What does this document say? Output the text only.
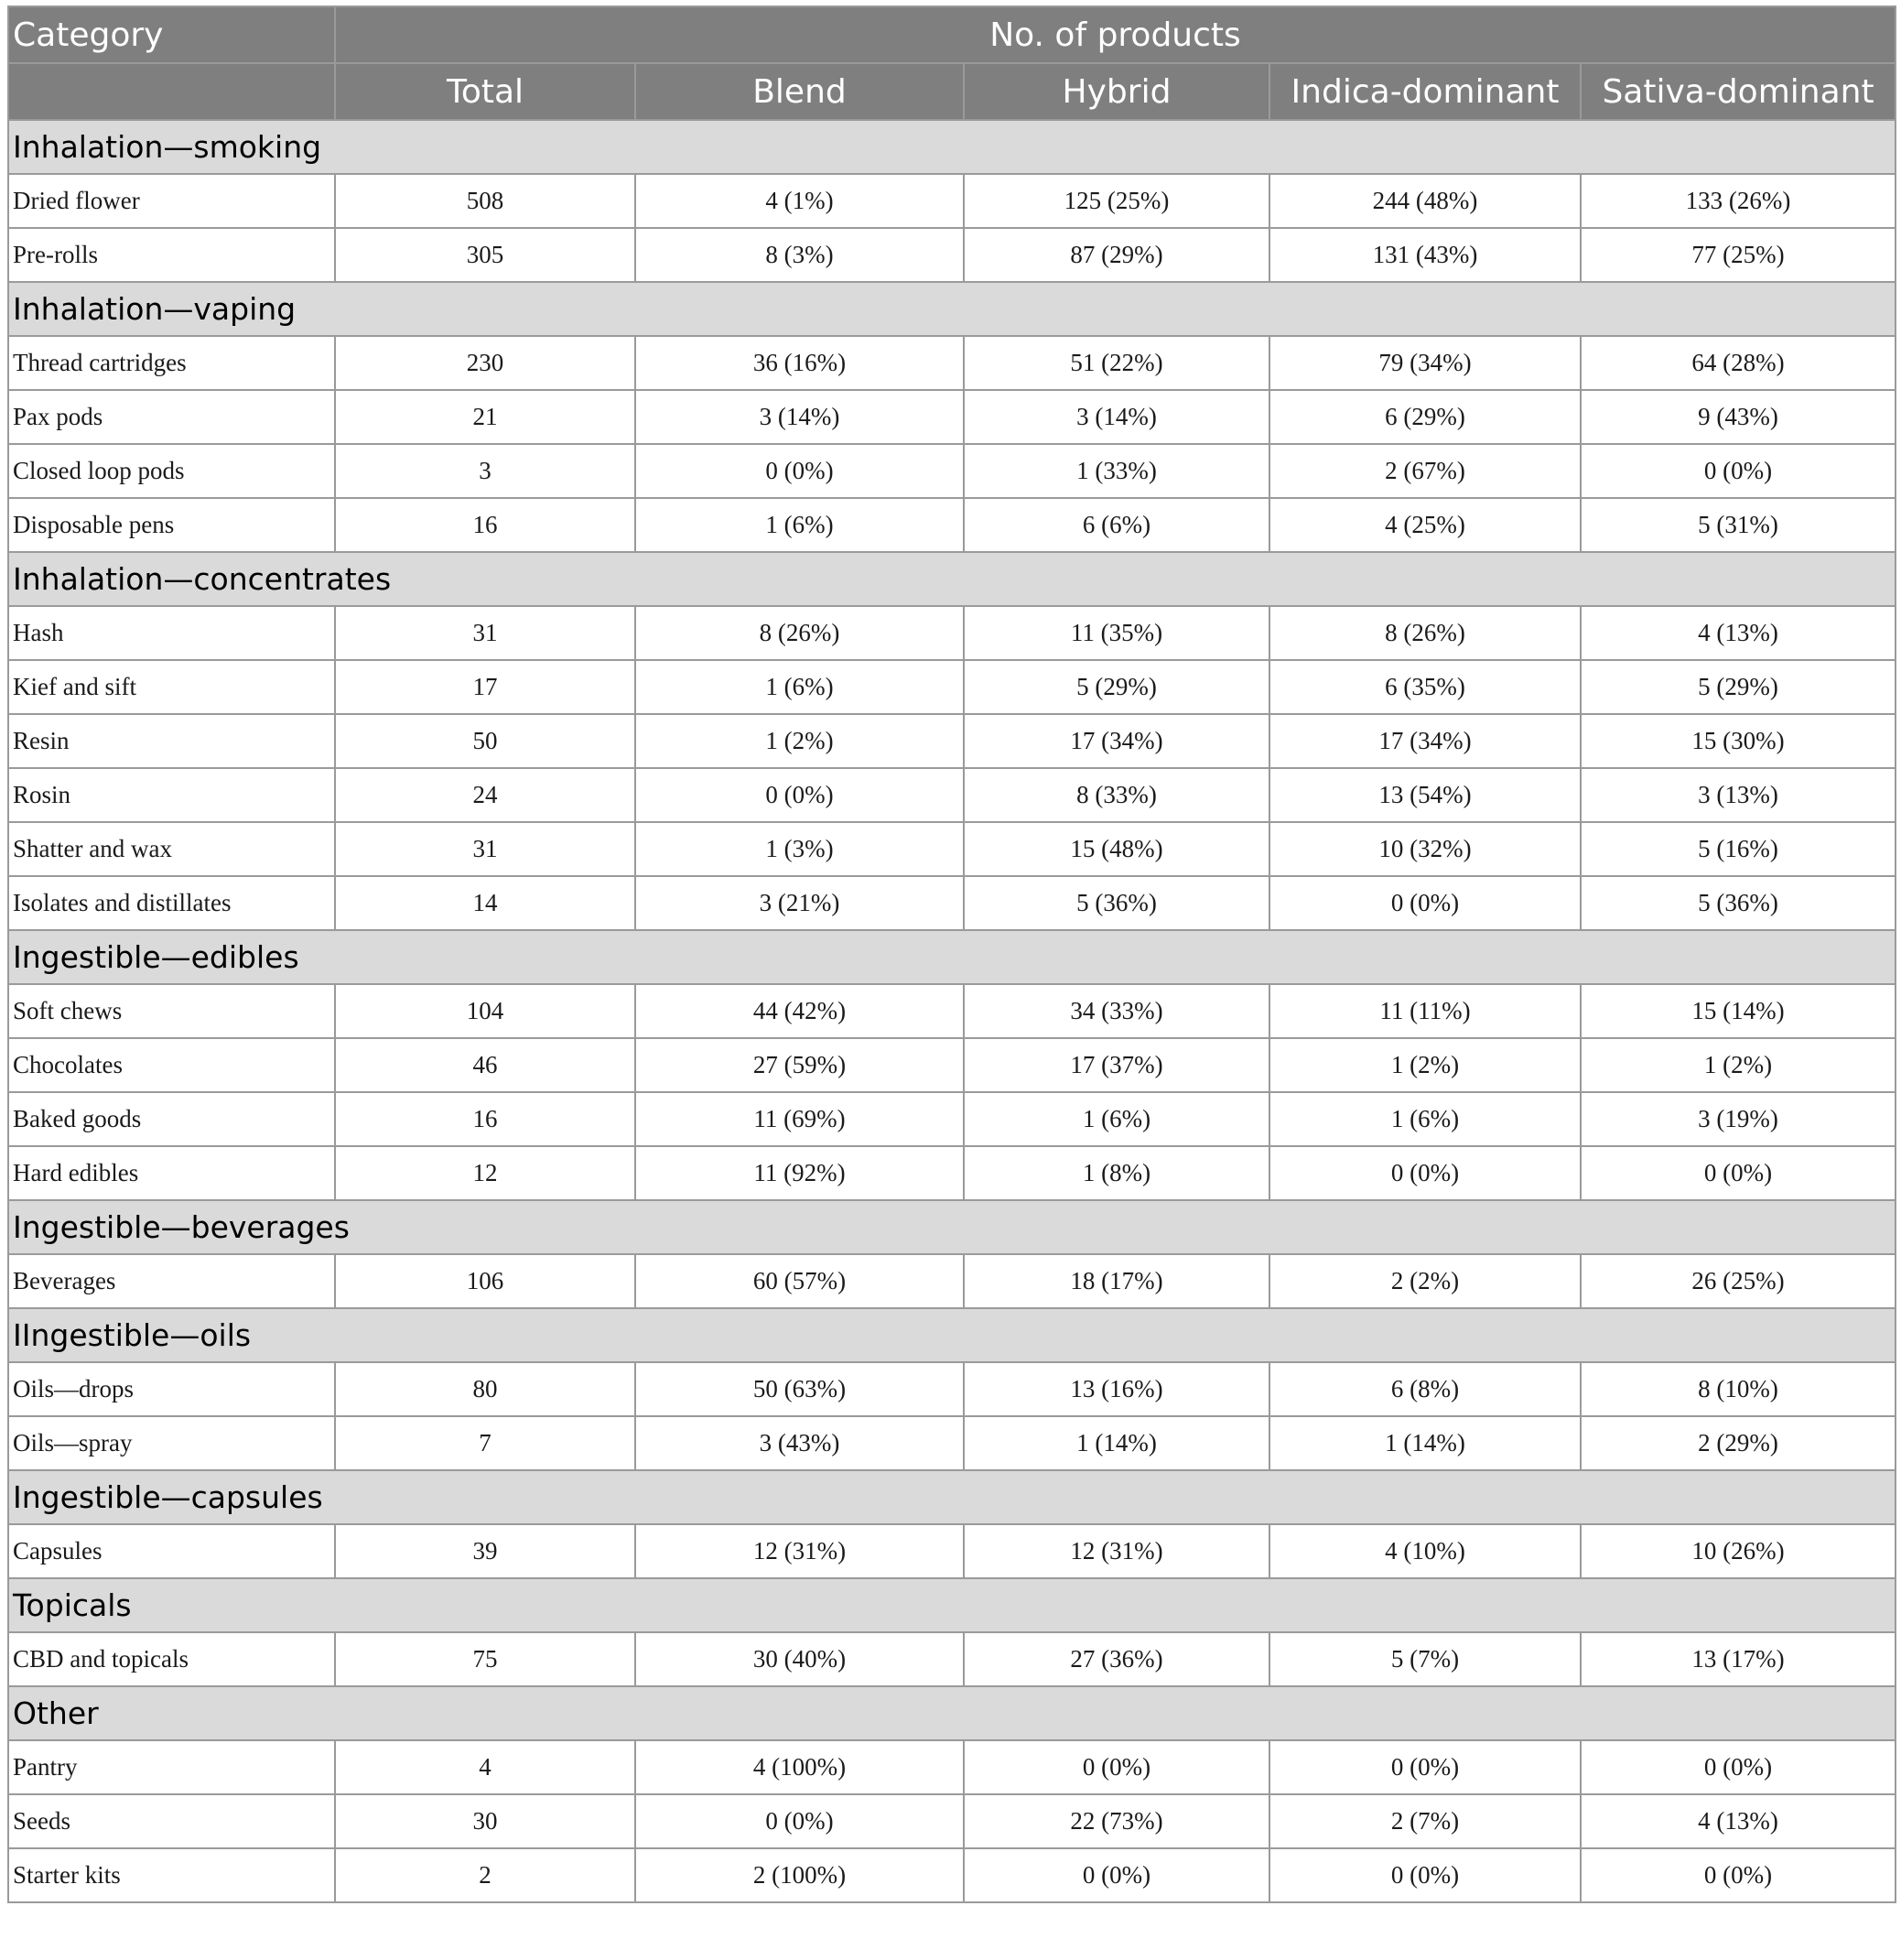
Category	No. of products				
	Total	Blend	Hybrid	Indica-dominant	Sativa-dominant
Inhalation—smoking					
Dried flower	508	4 (1%)	125 (25%)	244 (48%)	133 (26%)
Pre-rolls	305	8 (3%)	87 (29%)	131 (43%)	77 (25%)
Inhalation—vaping					
Thread cartridges	230	36 (16%)	51 (22%)	79 (34%)	64 (28%)
Pax pods	21	3 (14%)	3 (14%)	6 (29%)	9 (43%)
Closed loop pods	3	0 (0%)	1 (33%)	2 (67%)	0 (0%)
Disposable pens	16	1 (6%)	6 (6%)	4 (25%)	5 (31%)
Inhalation—concentrates					
Hash	31	8 (26%)	11 (35%)	8 (26%)	4 (13%)
Kief and sift	17	1 (6%)	5 (29%)	6 (35%)	5 (29%)
Resin	50	1 (2%)	17 (34%)	17 (34%)	15 (30%)
Rosin	24	0 (0%)	8 (33%)	13 (54%)	3 (13%)
Shatter and wax	31	1 (3%)	15 (48%)	10 (32%)	5 (16%)
Isolates and distillates	14	3 (21%)	5 (36%)	0 (0%)	5 (36%)
Ingestible—edibles					
Soft chews	104	44 (42%)	34 (33%)	11 (11%)	15 (14%)
Chocolates	46	27 (59%)	17 (37%)	1 (2%)	1 (2%)
Baked goods	16	11 (69%)	1 (6%)	1 (6%)	3 (19%)
Hard edibles	12	11 (92%)	1 (8%)	0 (0%)	0 (0%)
Ingestible—beverages					
Beverages	106	60 (57%)	18 (17%)	2 (2%)	26 (25%)
IIngestible—oils					
Oils—drops	80	50 (63%)	13 (16%)	6 (8%)	8 (10%)
Oils—spray	7	3 (43%)	1 (14%)	1 (14%)	2 (29%)
Ingestible—capsules					
Capsules	39	12 (31%)	12 (31%)	4 (10%)	10 (26%)
Topicals					
CBD and topicals	75	30 (40%)	27 (36%)	5 (7%)	13 (17%)
Other					
Pantry	4	4 (100%)	0 (0%)	0 (0%)	0 (0%)
Seeds	30	0 (0%)	22 (73%)	2 (7%)	4 (13%)
Starter kits	2	2 (100%)	0 (0%)	0 (0%)	0 (0%)
